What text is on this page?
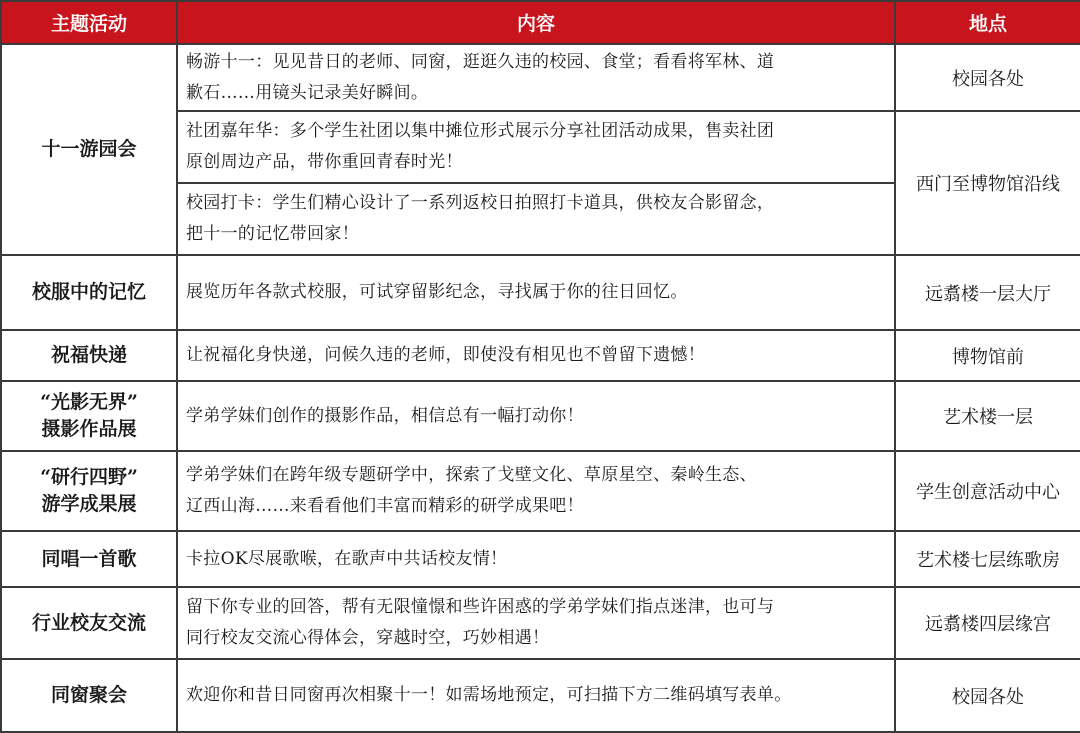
主题活动	内容	地点

十一游园会	畅游十一：见见昔日的老师、同窗，逛逛久违的校园、食堂；看看将军林、道
歉石……用镜头记录美好瞬间。	校园各处

	社团嘉年华：多个学生社团以集中摊位形式展示分享社团活动成果，售卖社团
原创周边产品，带你重回青春时光！	西门至博物馆沿线

	校园打卡：学生们精心设计了一系列返校日拍照打卡道具，供校友合影留念，
把十一的记忆带回家！	

校服中的记忆	展览历年各款式校服，可试穿留影纪念，寻找属于你的往日回忆。	远翥楼一层大厅

祝福快递	让祝福化身快递，问候久违的老师，即使没有相见也不曾留下遗憾！	博物馆前

“光影无界”
摄影作品展	学弟学妹们创作的摄影作品，相信总有一幅打动你！	艺术楼一层

“研行四野”
游学成果展	学弟学妹们在跨年级专题研学中，探索了戈壁文化、草原星空、秦岭生态、
辽西山海……来看看他们丰富而精彩的研学成果吧！	学生创意活动中心

同唱一首歌	卡拉OK尽展歌喉，在歌声中共话校友情！	艺术楼七层练歌房

行业校友交流	留下你专业的回答，帮有无限憧憬和些许困惑的学弟学妹们指点迷津，也可与
同行校友交流心得体会，穿越时空，巧妙相遇！	远翥楼四层缘宫

同窗聚会	欢迎你和昔日同窗再次相聚十一！如需场地预定，可扫描下方二维码填写表单。	校园各处
